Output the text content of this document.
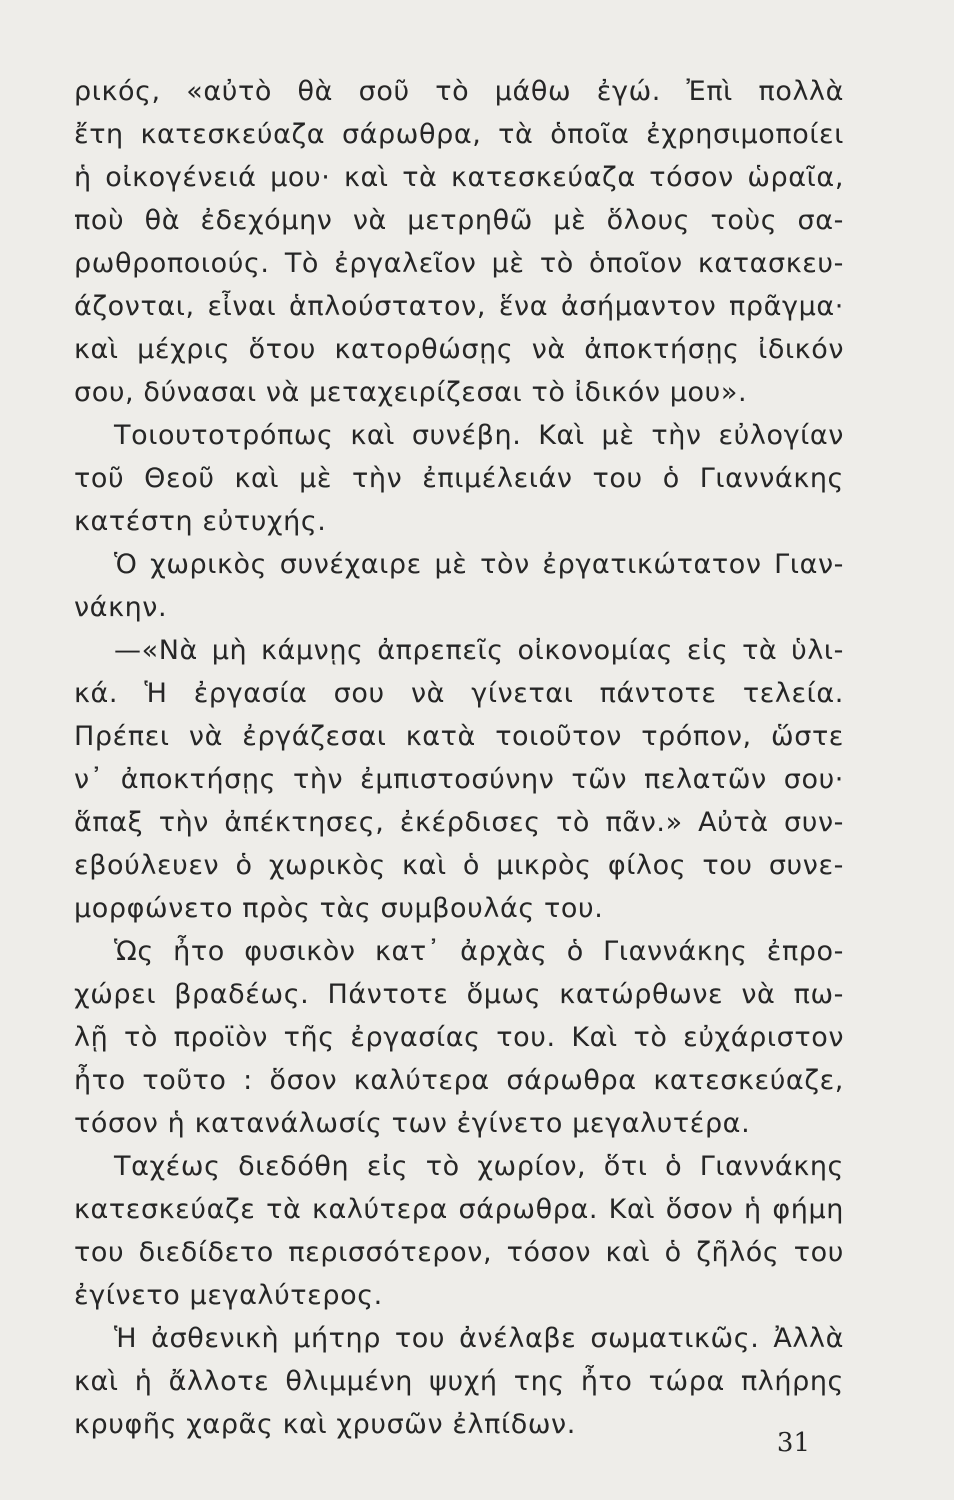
ρικός, «αὐτὸ θὰ σοῦ τὸ μάθω ἐγώ. Ἐπὶ πολλὰ
ἔτη κατεσκεύαζα σάρωθρα, τὰ ὁποῖα ἐχρησιμοποίει
ἡ οἰκογένειά μου· καὶ τὰ κατεσκεύαζα τόσον ὡραῖα,
ποὺ θὰ ἐδεχόμην νὰ μετρηθῶ μὲ ὅλους τοὺς σα-
ρωθροποιούς. Τὸ ἐργαλεῖον μὲ τὸ ὁποῖον κατασκευ-
άζονται, εἶναι ἁπλούστατον, ἕνα ἀσήμαντον πρᾶγμα·
καὶ μέχρις ὅτου κατορθώσῃς νὰ ἀποκτήσῃς ἰδικόν
σου, δύνασαι νὰ μεταχειρίζεσαι τὸ ἰδικόν μου».
Τοιουτοτρόπως καὶ συνέβη. Καὶ μὲ τὴν εὐλογίαν
τοῦ Θεοῦ καὶ μὲ τὴν ἐπιμέλειάν του ὁ Γιαννάκης
κατέστη εὐτυχής.
Ὁ χωρικὸς συνέχαιρε μὲ τὸν ἐργατικώτατον Γιαν-
νάκην.
—«Νὰ μὴ κάμνῃς ἀπρεπεῖς οἰκονομίας εἰς τὰ ὑλι-
κά. Ἡ ἐργασία σου νὰ γίνεται πάντοτε τελεία.
Πρέπει νὰ ἐργάζεσαι κατὰ τοιοῦτον τρόπον, ὥστε
ν᾽ ἀποκτήσῃς τὴν ἐμπιστοσύνην τῶν πελατῶν σου·
ἅπαξ τὴν ἀπέκτησες, ἐκέρδισες τὸ πᾶν.» Αὐτὰ συν-
εβούλευεν ὁ χωρικὸς καὶ ὁ μικρὸς φίλος του συνε-
μορφώνετο πρὸς τὰς συμβουλάς του.
Ὡς ἦτο φυσικὸν κατ᾽ ἀρχὰς ὁ Γιαννάκης ἐπρο-
χώρει βραδέως. Πάντοτε ὅμως κατώρθωνε νὰ πω-
λῇ τὸ προϊὸν τῆς ἐργασίας του. Καὶ τὸ εὐχάριστον
ἦτο τοῦτο : ὅσον καλύτερα σάρωθρα κατεσκεύαζε,
τόσον ἡ κατανάλωσίς των ἐγίνετο μεγαλυτέρα.
Ταχέως διεδόθη εἰς τὸ χωρίον, ὅτι ὁ Γιαννάκης
κατεσκεύαζε τὰ καλύτερα σάρωθρα. Καὶ ὅσον ἡ φήμη
του διεδίδετο περισσότερον, τόσον καὶ ὁ ζῆλός του
ἐγίνετο μεγαλύτερος.
Ἡ ἀσθενικὴ μήτηρ του ἀνέλαβε σωματικῶς. Ἀλλὰ
καὶ ἡ ἄλλοτε θλιμμένη ψυχή της ἦτο τώρα πλήρης
κρυφῆς χαρᾶς καὶ χρυσῶν ἐλπίδων.
31
